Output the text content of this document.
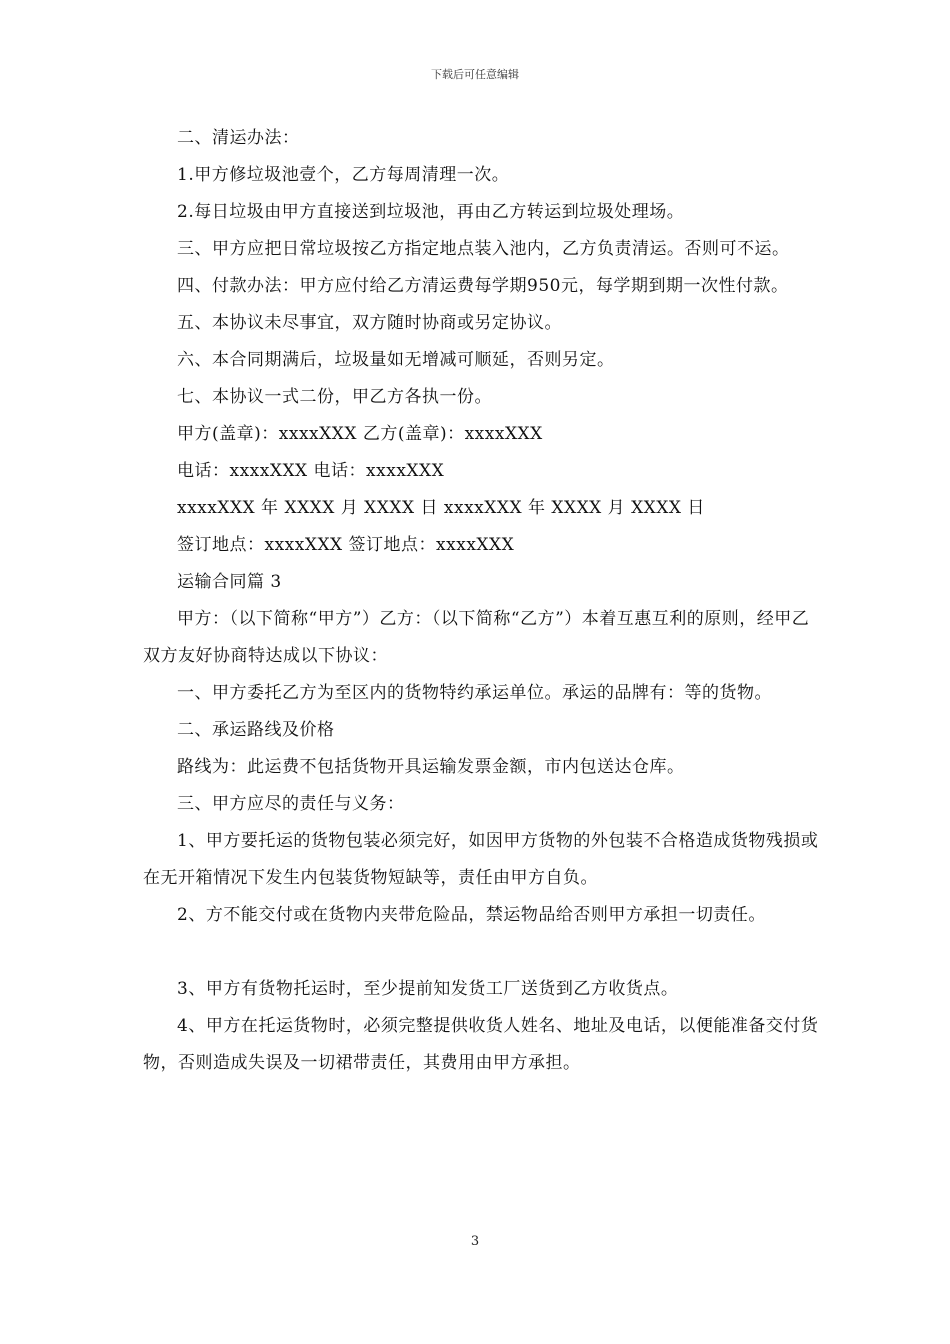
下载后可任意编辑

二、清运办法：

1.甲方修垃圾池壹个，乙方每周清理一次。

2.每日垃圾由甲方直接送到垃圾池，再由乙方转运到垃圾处理场。

三、甲方应把日常垃圾按乙方指定地点装入池内，乙方负责清运。否则可不运。

四、付款办法：甲方应付给乙方清运费每学期950元，每学期到期一次性付款。

五、本协议未尽事宜，双方随时协商或另定协议。

六、本合同期满后，垃圾量如无增减可顺延，否则另定。

七、本协议一式二份，甲乙方各执一份。

甲方(盖章)：xxxxXXX 乙方(盖章)：xxxxXXX

电话：xxxxXXX 电话：xxxxXXX

xxxxXXX 年 XXXX 月 XXXX 日 xxxxXXX 年 XXXX 月 XXXX 日

签订地点：xxxxXXX 签订地点：xxxxXXX

运输合同篇 3

甲方：（以下简称“甲方”）乙方：（以下简称“乙方”）本着互惠互利的原则，经甲乙双方友好协商特达成以下协议：

一、甲方委托乙方为至区内的货物特约承运单位。承运的品牌有：等的货物。

二、承运路线及价格

路线为：此运费不包括货物开具运输发票金额，市内包送达仓库。

三、甲方应尽的责任与义务：

1、甲方要托运的货物包装必须完好，如因甲方货物的外包装不合格造成货物残损或在无开箱情况下发生内包装货物短缺等，责任由甲方自负。

2、方不能交付或在货物内夹带危险品，禁运物品给否则甲方承担一切责任。

3、甲方有货物托运时，至少提前知发货工厂送货到乙方收货点。

4、甲方在托运货物时，必须完整提供收货人姓名、地址及电话，以便能准备交付货物，否则造成失误及一切裙带责任，其费用由甲方承担。

3
